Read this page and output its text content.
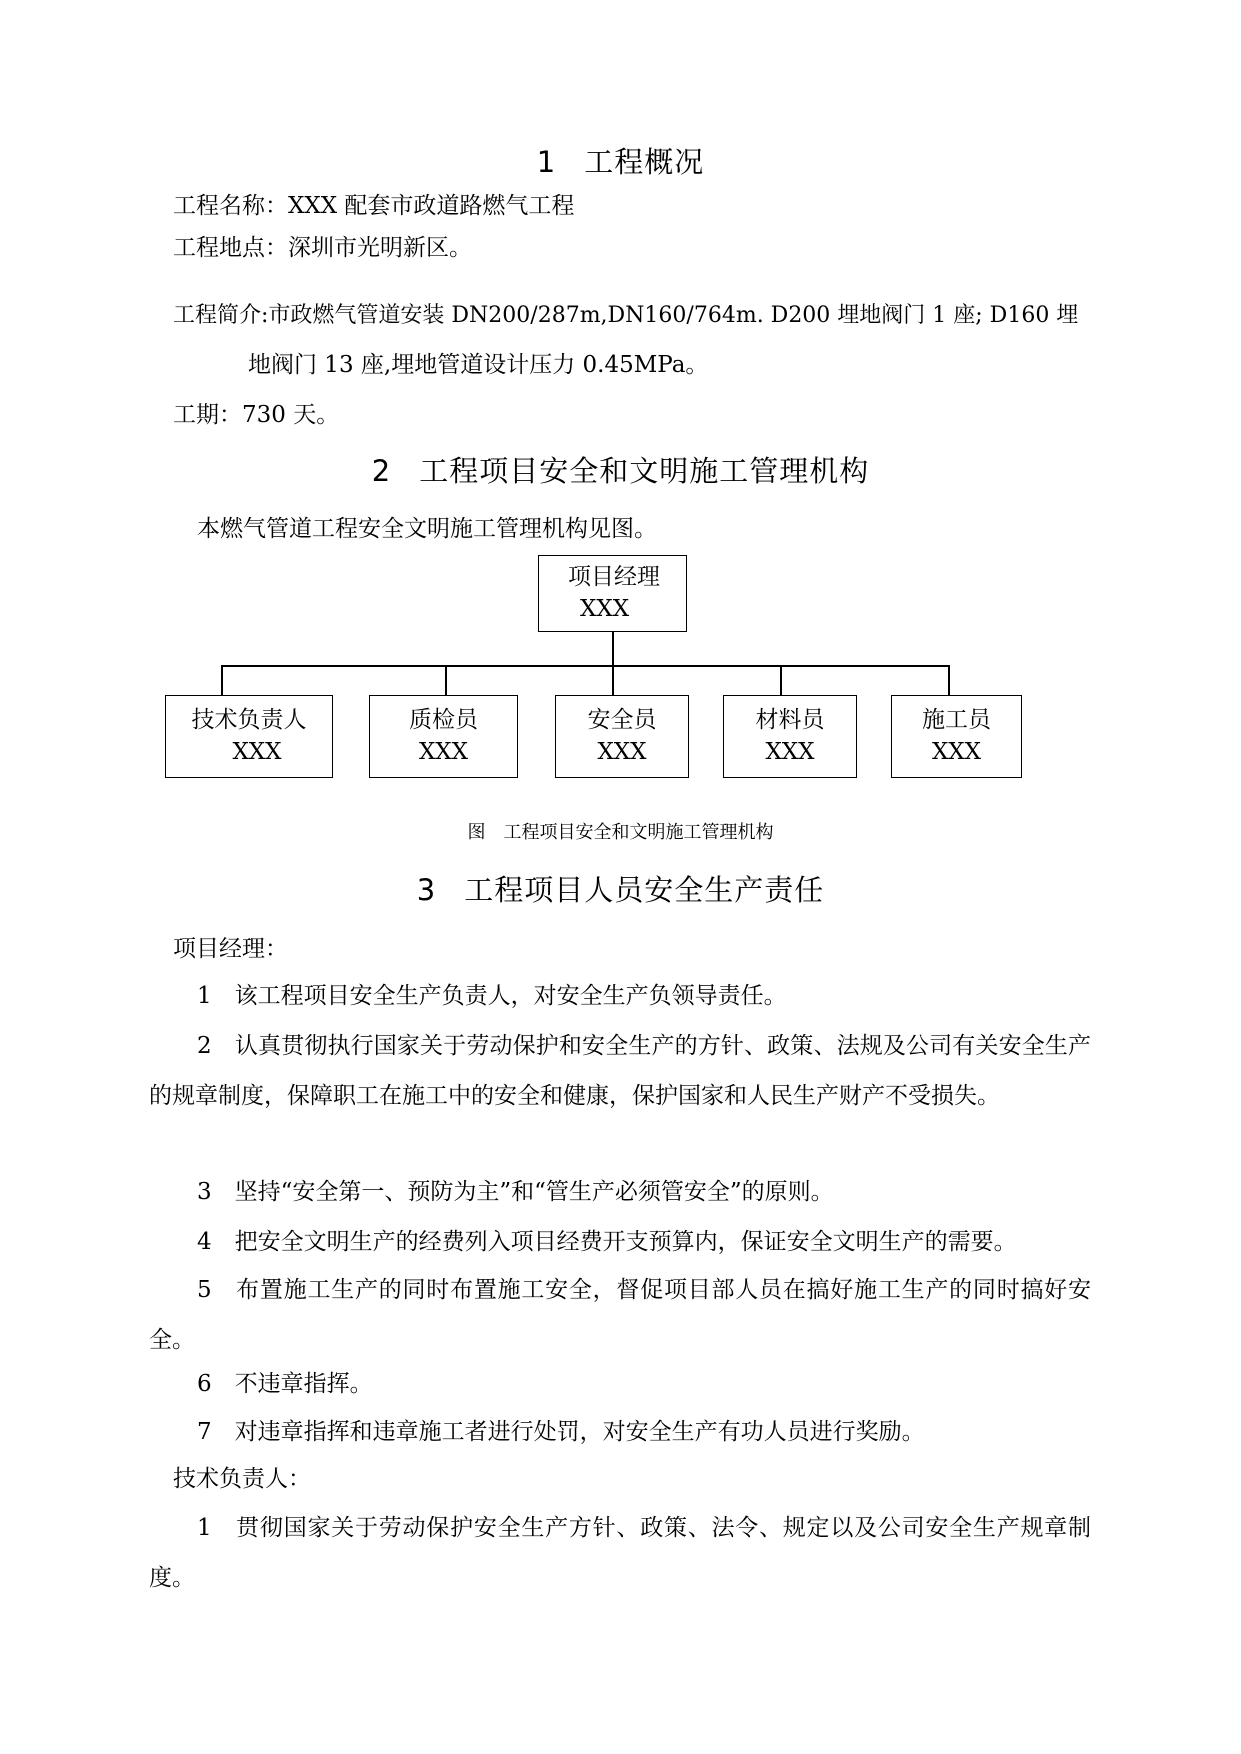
1 工程概况
工程名称：XXX 配套市政道路燃气工程
工程地点：深圳市光明新区。
工程简介:市政燃气管道安装 DN200/287m,DN160/764m. D200 埋地阀门 1 座; D160 埋
地阀门 13 座,埋地管道设计压力 0.45MPa。
工期：730 天。
2 工程项目安全和文明施工管理机构
本燃气管道工程安全文明施工管理机构见图。
项目经理
XXX
技术负责人
XXX
质检员
XXX
安全员
XXX
材料员
XXX
施工员
XXX
图　工程项目安全和文明施工管理机构
3 工程项目人员安全生产责任
项目经理：
1　该工程项目安全生产负责人，对安全生产负领导责任。
2　认真贯彻执行国家关于劳动保护和安全生产的方针、政策、法规及公司有关安全生产的规章制度，保障职工在施工中的安全和健康，保护国家和人民生产财产不受损失。
3　坚持“安全第一、预防为主”和“管生产必须管安全”的原则。
4　把安全文明生产的经费列入项目经费开支预算内，保证安全文明生产的需要。
5　布置施工生产的同时布置施工安全，督促项目部人员在搞好施工生产的同时搞好安全。
6　不违章指挥。
7　对违章指挥和违章施工者进行处罚，对安全生产有功人员进行奖励。
技术负责人：
1　贯彻国家关于劳动保护安全生产方针、政策、法令、规定以及公司安全生产规章制度。
